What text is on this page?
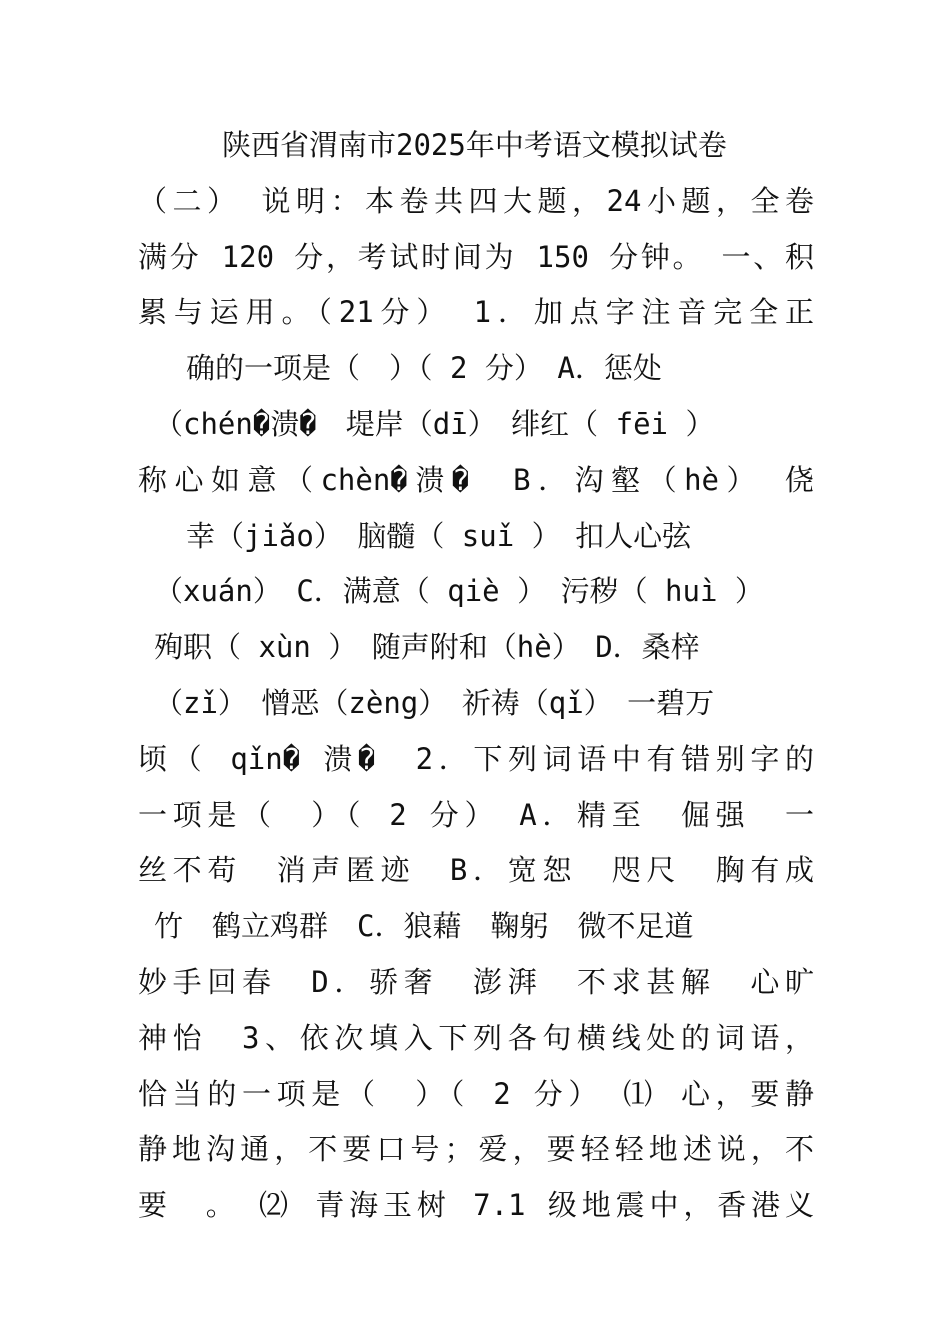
陕西省渭南市2025年中考语文模拟试卷
（二）　说明：本卷共四大题，24小题，全卷
满分 120 分，考试时间为 150 分钟。　一、积
累与运用。（21分）　1．加点字注音完全正
确的一项是（　）（ 2 分）　A．惩处
（chén�溃�　堤岸（dī）　绯红（ fēi ）
称心如意（chèn�溃�　B．沟壑（hè）　侥
幸（jiǎo）　脑髓（ suǐ ）　扣人心弦
（xuán）　C．满意（ qiè ）　污秽（ huì ）
殉职（ xùn ）　随声附和（hè）　D．桑梓
（zǐ）　憎恶（zèng）　祈祷（qǐ）　一碧万
顷（ qǐn� 溃�　2．下列词语中有错别字的
一项是（　）（ 2 分）　A．精至　倔强　一
丝不苟　消声匿迹　B．宽恕　咫尺　胸有成
竹　鹤立鸡群　C．狼藉　鞠躬　微不足道
妙手回春　D．骄奢　澎湃　不求甚解　心旷
神怡　3、依次填入下列各句横线处的词语，
恰当的一项是（　）（ 2 分）　⑴ 心，要静
静地沟通，不要口号；爱，要轻轻地述说，不
要　。　⑵ 青海玉树 7.1 级地震中，香港义
